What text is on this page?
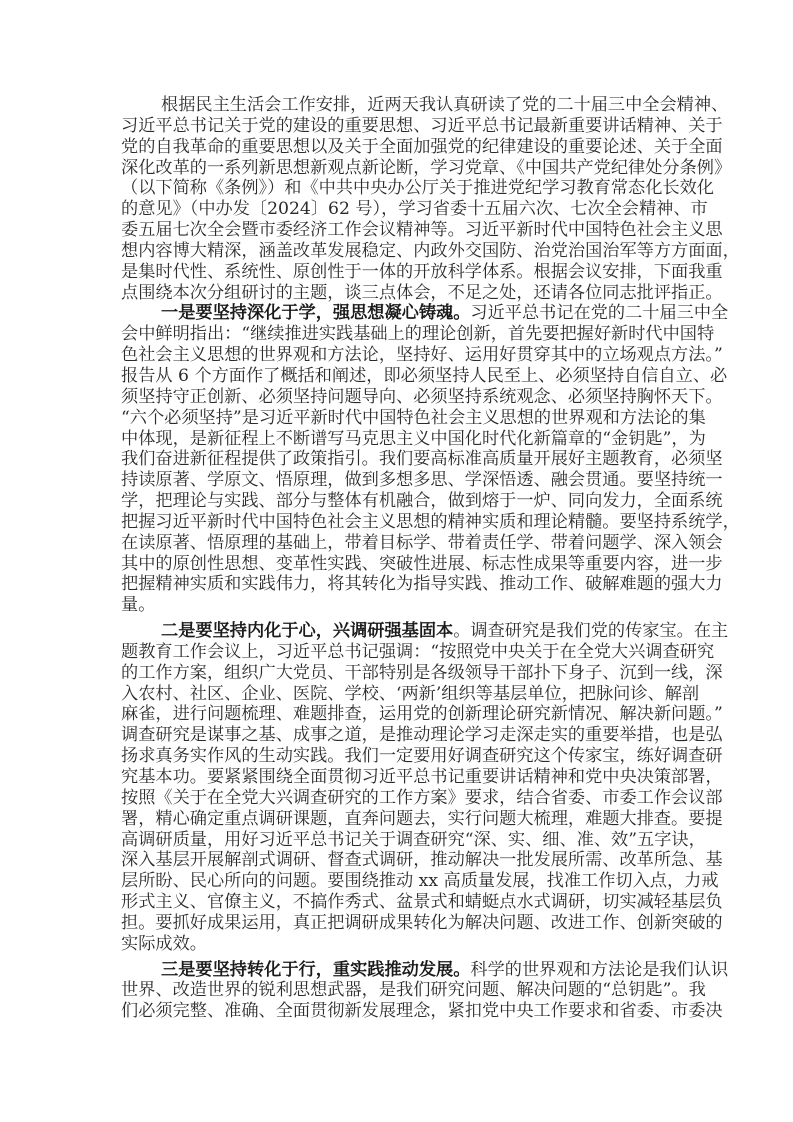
根据民主生活会工作安排，近两天我认真研读了党的二十届三中全会精神、
习近平总书记关于党的建设的重要思想、习近平总书记最新重要讲话精神、关于
党的自我革命的重要思想以及关于全面加强党的纪律建设的重要论述、关于全面
深化改革的一系列新思想新观点新论断，学习党章、《中国共产党纪律处分条例》
（以下简称《条例》）和《中共中央办公厅关于推进党纪学习教育常态化长效化
的意见》（中办发〔2024〕62 号），学习省委十五届六次、七次全会精神、市
委五届七次全会暨市委经济工作会议精神等。习近平新时代中国特色社会主义思
想内容博大精深，涵盖改革发展稳定、内政外交国防、治党治国治军等方方面面，
是集时代性、系统性、原创性于一体的开放科学体系。根据会议安排，下面我重
点围绕本次分组研讨的主题，谈三点体会，不足之处，还请各位同志批评指正。
一是要坚持深化于学，强思想凝心铸魂。习近平总书记在党的二十届三中全
会中鲜明指出：“继续推进实践基础上的理论创新，首先要把握好新时代中国特
色社会主义思想的世界观和方法论，坚持好、运用好贯穿其中的立场观点方法。”
报告从 6 个方面作了概括和阐述，即必须坚持人民至上、必须坚持自信自立、必
须坚持守正创新、必须坚持问题导向、必须坚持系统观念、必须坚持胸怀天下。
“六个必须坚持”是习近平新时代中国特色社会主义思想的世界观和方法论的集
中体现，是新征程上不断谱写马克思主义中国化时代化新篇章的“金钥匙”，为
我们奋进新征程提供了政策指引。我们要高标准高质量开展好主题教育，必须坚
持读原著、学原文、悟原理，做到多想多思、学深悟透、融会贯通。要坚持统一
学，把理论与实践、部分与整体有机融合，做到熔于一炉、同向发力，全面系统
把握习近平新时代中国特色社会主义思想的精神实质和理论精髓。要坚持系统学，
在读原著、悟原理的基础上，带着目标学、带着责任学、带着问题学、深入领会
其中的原创性思想、变革性实践、突破性进展、标志性成果等重要内容，进一步
把握精神实质和实践伟力，将其转化为指导实践、推动工作、破解难题的强大力
量。
二是要坚持内化于心，兴调研强基固本。调查研究是我们党的传家宝。在主
题教育工作会议上，习近平总书记强调：“按照党中央关于在全党大兴调查研究
的工作方案，组织广大党员、干部特别是各级领导干部扑下身子、沉到一线，深
入农村、社区、企业、医院、学校、‘两新’组织等基层单位，把脉问诊、解剖
麻雀，进行问题梳理、难题排查，运用党的创新理论研究新情况、解决新问题。”
调查研究是谋事之基、成事之道，是推动理论学习走深走实的重要举措，也是弘
扬求真务实作风的生动实践。我们一定要用好调查研究这个传家宝，练好调查研
究基本功。要紧紧围绕全面贯彻习近平总书记重要讲话精神和党中央决策部署，
按照《关于在全党大兴调查研究的工作方案》要求，结合省委、市委工作会议部
署，精心确定重点调研课题，直奔问题去，实行问题大梳理，难题大排查。要提
高调研质量，用好习近平总书记关于调查研究“深、实、细、准、效”五字诀，
深入基层开展解剖式调研、督查式调研，推动解决一批发展所需、改革所急、基
层所盼、民心所向的问题。要围绕推动 xx 高质量发展，找准工作切入点，力戒
形式主义、官僚主义，不搞作秀式、盆景式和蜻蜓点水式调研，切实减轻基层负
担。要抓好成果运用，真正把调研成果转化为解决问题、改进工作、创新突破的
实际成效。
三是要坚持转化于行，重实践推动发展。科学的世界观和方法论是我们认识
世界、改造世界的锐利思想武器，是我们研究问题、解决问题的“总钥匙”。我
们必须完整、准确、全面贯彻新发展理念，紧扣党中央工作要求和省委、市委决
